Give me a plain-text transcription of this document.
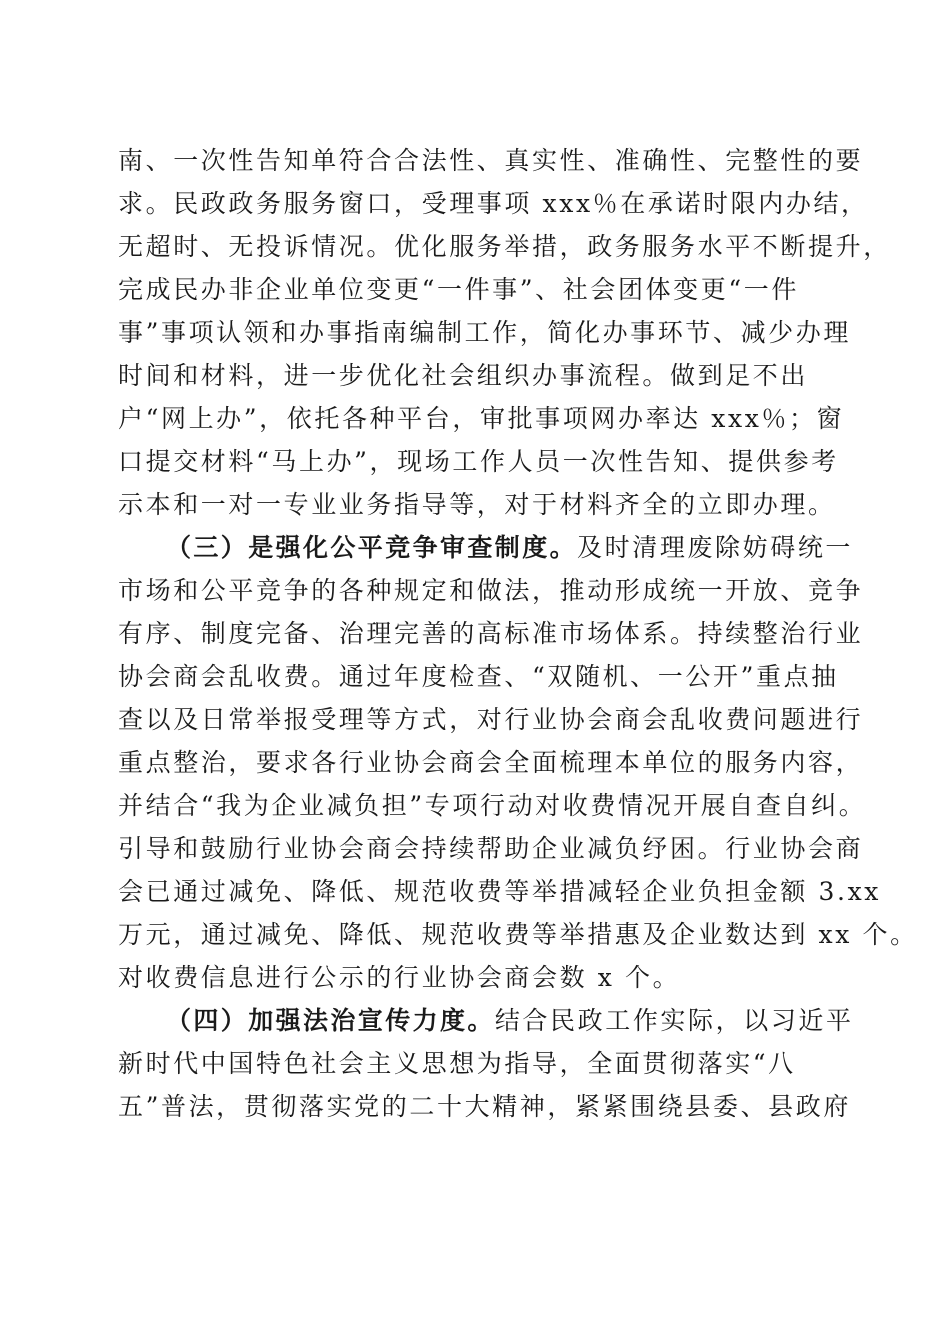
南、一次性告知单符合合法性、真实性、准确性、完整性的要
求。民政政务服务窗口，受理事项 xxx％在承诺时限内办结，
无超时、无投诉情况。优化服务举措，政务服务水平不断提升，
完成民办非企业单位变更“一件事”、社会团体变更“一件
事”事项认领和办事指南编制工作，简化办事环节、减少办理
时间和材料，进一步优化社会组织办事流程。做到足不出
户“网上办”，依托各种平台，审批事项网办率达 xxx％；窗
口提交材料“马上办”，现场工作人员一次性告知、提供参考
示本和一对一专业业务指导等，对于材料齐全的立即办理。
（三）是强化公平竞争审查制度。及时清理废除妨碍统一
市场和公平竞争的各种规定和做法，推动形成统一开放、竞争
有序、制度完备、治理完善的高标准市场体系。持续整治行业
协会商会乱收费。通过年度检查、“双随机、一公开”重点抽
查以及日常举报受理等方式，对行业协会商会乱收费问题进行
重点整治，要求各行业协会商会全面梳理本单位的服务内容，
并结合“我为企业减负担”专项行动对收费情况开展自查自纠。
引导和鼓励行业协会商会持续帮助企业减负纾困。行业协会商
会已通过减免、降低、规范收费等举措减轻企业负担金额 3.xx
万元，通过减免、降低、规范收费等举措惠及企业数达到 xx 个。
对收费信息进行公示的行业协会商会数 x 个。
（四）加强法治宣传力度。结合民政工作实际，以习近平
新时代中国特色社会主义思想为指导，全面贯彻落实“八
五”普法，贯彻落实党的二十大精神，紧紧围绕县委、县政府
